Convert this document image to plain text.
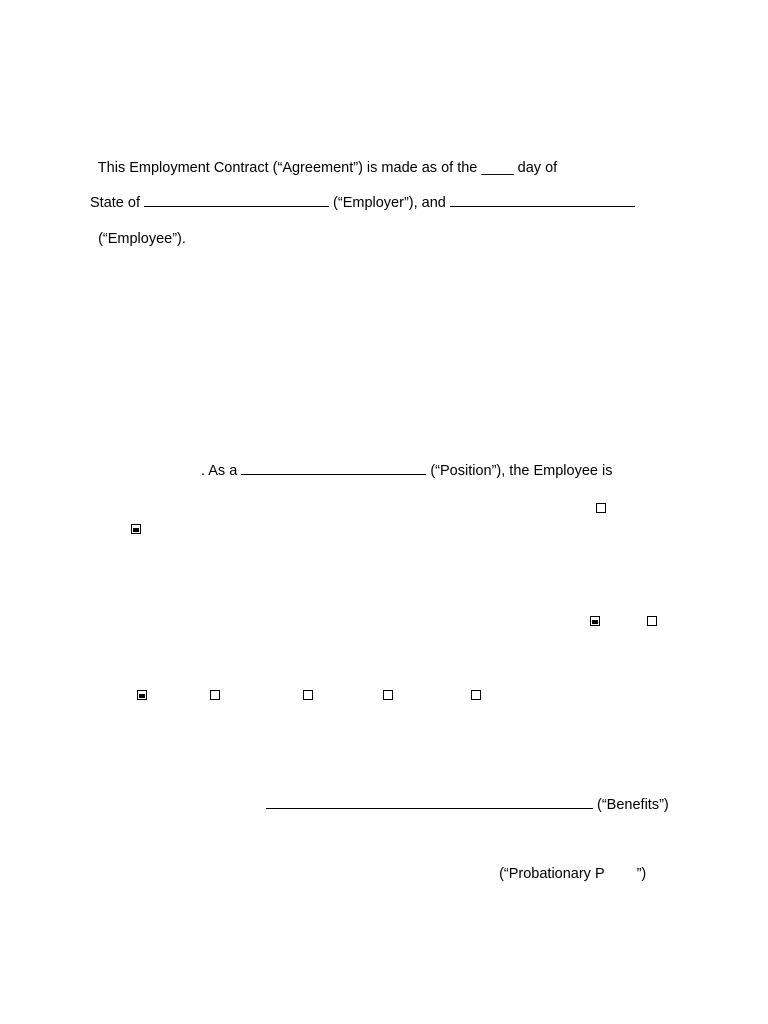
This Employment Contract (“Agreement”) is made as of the ____ day of

State of	(“Employer”), and

(“Employee”).

. As a	(“Position”), the Employee is
(“Benefits”)

(“Probationary P        ”)
